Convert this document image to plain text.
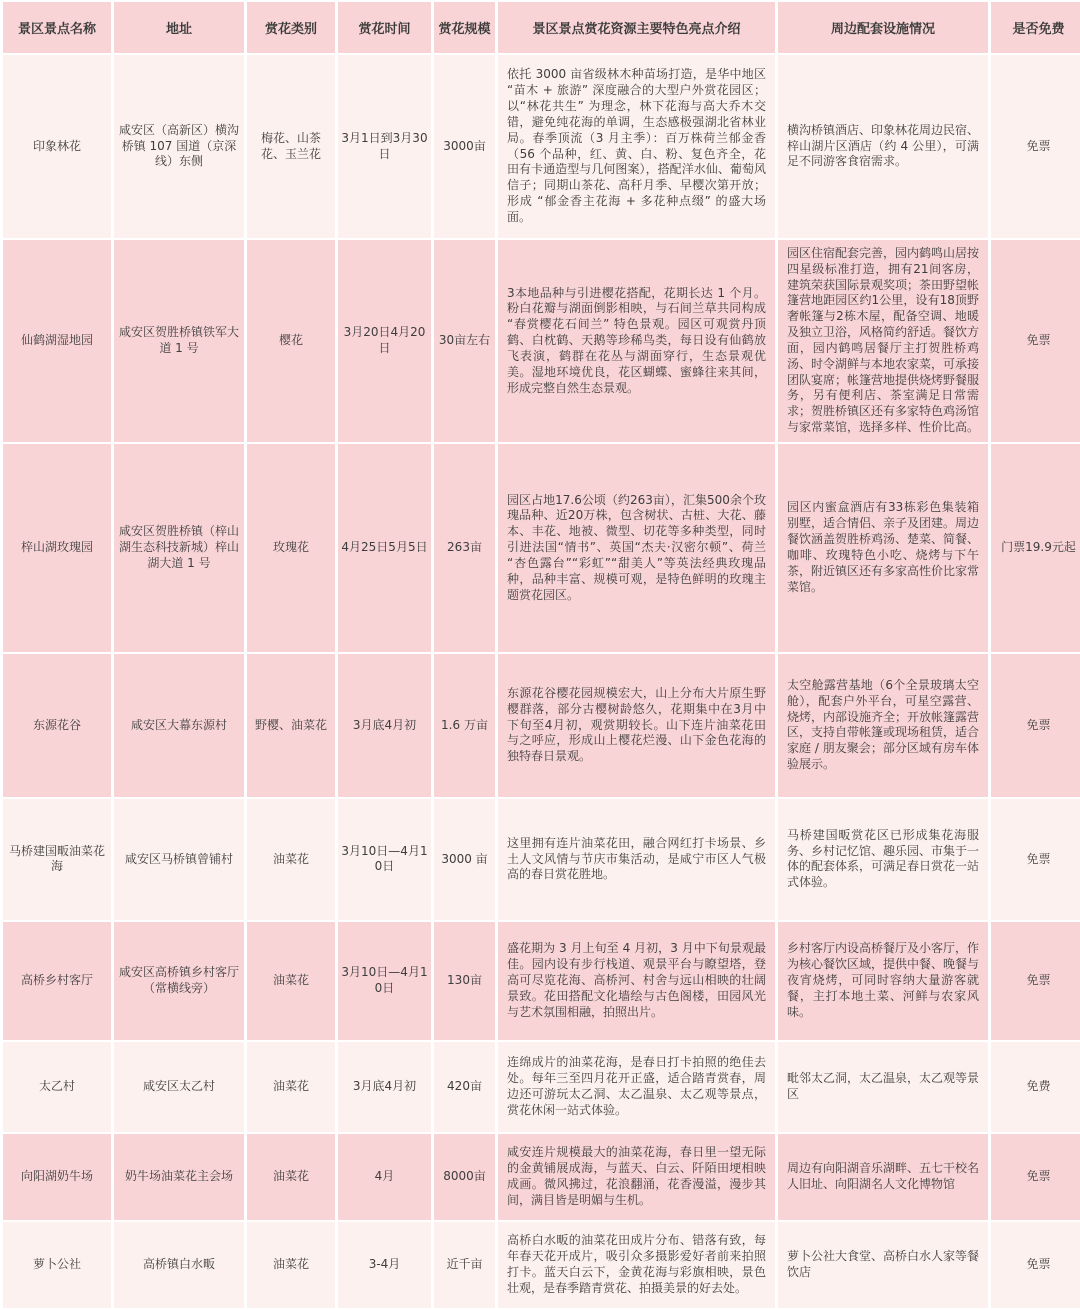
景区景点名称	地址	赏花类别	赏花时间	赏花规模	景区景点赏花资源主要特色亮点介绍	周边配套设施情况	是否免费
印象林花	咸安区（高新区）横沟桥镇 107 国道（京深线）东侧	梅花、山茶花、玉兰花	3月1日到3月30日	3000亩	依托 3000 亩省级林木种苗场打造，是华中地区 “苗木 + 旅游” 深度融合的大型户外赏花园区；以“林花共生” 为理念，林下花海与高大乔木交错，避免纯花海的单调，生态感极强湖北省林业局。春季顶流（3 月主季）：百万株荷兰郁金香（56 个品种，红、黄、白、粉、复色齐全，花田有卡通造型与几何图案），搭配洋水仙、葡萄风信子；同期山茶花、高秆月季、早樱次第开放；形成 “郁金香主花海 + 多花种点缀” 的盛大场面。	横沟桥镇酒店、印象林花周边民宿、梓山湖片区酒店（约 4 公里），可满足不同游客食宿需求。	免票
仙鹤湖湿地园	咸安区贺胜桥镇铁军大道 1 号	樱花	3月20日4月20日	30亩左右	3本地品种与引进樱花搭配，花期长达 1 个月。粉白花瓣与湖面倒影相映，与石间兰草共同构成 “春赏樱花石间兰” 特色景观。园区可观赏丹顶鹤、白枕鹤、天鹅等珍稀鸟类，每日设有仙鹤放飞表演，鹤群在花丛与湖面穿行，生态景观优美。湿地环境优良，花区蝴蝶、蜜蜂往来其间，形成完整自然生态景观。	园区住宿配套完善，园内鹤鸣山居按四星级标准打造，拥有21间客房，建筑荣获国际景观奖项；茶田野望帐篷营地距园区约1公里，设有18顶野奢帐篷与2栋木屋，配备空调、地暖及独立卫浴，风格简约舒适。餐饮方面，园内鹤鸣居餐厅主打贺胜桥鸡汤、时令湖鲜与本地农家菜，可承接团队宴席；帐篷营地提供烧烤野餐服务，另有便利店、茶室满足日常需求；贺胜桥镇区还有多家特色鸡汤馆与家常菜馆，选择多样、性价比高。	免票
梓山湖玫瑰园	咸安区贺胜桥镇（梓山湖生态科技新城）梓山湖大道 1 号	玫瑰花	4月25日5月5日	263亩	园区占地17.6公顷（约263亩），汇集500余个玫瑰品种、近20万株，包含树状、古桩、大花、藤本、丰花、地被、微型、切花等多种类型，同时引进法国“情书”、英国“杰夫·汉密尔顿”、荷兰“杏色露台”“彩虹”“甜美人”等英法经典玫瑰品种，品种丰富、规模可观，是特色鲜明的玫瑰主题赏花园区。	园区内蜜盒酒店有33栋彩色集装箱别墅，适合情侣、亲子及团建。周边餐饮涵盖贺胜桥鸡汤、楚菜、简餐、咖啡、玫瑰特色小吃、烧烤与下午茶，附近镇区还有多家高性价比家常菜馆。	门票19.9元起
东源花谷	咸安区大幕东源村	野樱、油菜花	3月底4月初	1.6 万亩	东源花谷樱花园规模宏大，山上分布大片原生野樱群落，部分古樱树龄悠久，花期集中在3月中下旬至4月初，观赏期较长。山下连片油菜花田与之呼应，形成山上樱花烂漫、山下金色花海的独特春日景观。	太空舱露营基地（6个全景玻璃太空舱），配套户外平台，可星空露营、烧烤，内部设施齐全；开放帐篷露营区，支持自带帐篷或现场租赁，适合家庭 / 朋友聚会；部分区域有房车体验展示。	免票
马桥建国畈油菜花海	咸安区马桥镇曾铺村	油菜花	3月10日—4月10日	3000 亩	这里拥有连片油菜花田，融合网红打卡场景、乡土人文风情与节庆市集活动，是咸宁市区人气极高的春日赏花胜地。	马桥建国畈赏花区已形成集花海服务、乡村记忆馆、趣乐园、市集于一体的配套体系，可满足春日赏花一站式体验。	免票
高桥乡村客厅	咸安区高桥镇乡村客厅（常横线旁）	油菜花	3月10日—4月10日	130亩	盛花期为 3 月上旬至 4 月初，3 月中下旬景观最佳。园内设有步行栈道、观景平台与瞭望塔，登高可尽览花海、高桥河、村舍与远山相映的壮阔景致。花田搭配文化墙绘与古色阁楼，田园风光与艺术氛围相融，拍照出片。	乡村客厅内设高桥餐厅及小客厅，作为核心餐饮区域，提供中餐、晚餐与夜宵烧烤，可同时容纳大量游客就餐，主打本地土菜、河鲜与农家风味。	免票
太乙村	咸安区太乙村	油菜花	3月底4月初	420亩	连绵成片的油菜花海，是春日打卡拍照的绝佳去处。每年三至四月花开正盛，适合踏青赏春，周边还可游玩太乙洞、太乙温泉、太乙观等景点，赏花休闲一站式体验。	毗邻太乙洞，太乙温泉，太乙观等景区	免费
向阳湖奶牛场	奶牛场油菜花主会场	油菜花	4月	8000亩	咸安连片规模最大的油菜花海，春日里一望无际的金黄铺展成海，与蓝天、白云、阡陌田埂相映成画。微风拂过，花浪翻涌，花香漫溢，漫步其间，满目皆是明媚与生机。	周边有向阳湖音乐湖畔、五七干校名人旧址、向阳湖名人文化博物馆	免票
萝卜公社	高桥镇白水畈	油菜花	3-4月	近千亩	高桥白水畈的油菜花田成片分布、错落有致，每年春天花开成片，吸引众多摄影爱好者前来拍照打卡。蓝天白云下，金黄花海与彩旗相映，景色壮观，是春季踏青赏花、拍摄美景的好去处。	萝卜公社大食堂、高桥白水人家等餐饮店	免票
